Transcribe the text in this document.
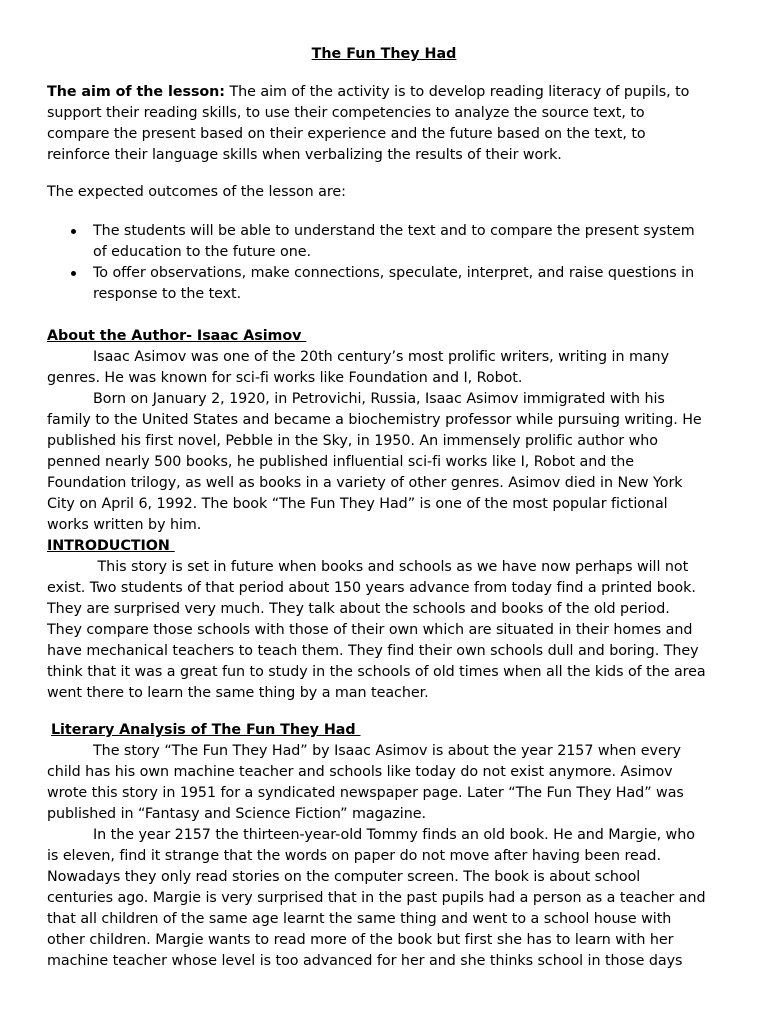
The Fun They Had
The aim of the lesson: The aim of the activity is to develop reading literacy of pupils, to
support their reading skills, to use their competencies to analyze the source text, to
compare the present based on their experience and the future based on the text, to
reinforce their language skills when verbalizing the results of their work.
The expected outcomes of the lesson are:
The students will be able to understand the text and to compare the present system
of education to the future one.
To offer observations, make connections, speculate, interpret, and raise questions in
response to the text.
About the Author- Isaac Asimov
Isaac Asimov was one of the 20th century’s most prolific writers, writing in many
genres. He was known for sci-fi works like Foundation and I, Robot.
Born on January 2, 1920, in Petrovichi, Russia, Isaac Asimov immigrated with his
family to the United States and became a biochemistry professor while pursuing writing. He
published his first novel, Pebble in the Sky, in 1950. An immensely prolific author who
penned nearly 500 books, he published influential sci-fi works like I, Robot and the
Foundation trilogy, as well as books in a variety of other genres. Asimov died in New York
City on April 6, 1992. The book “The Fun They Had” is one of the most popular fictional
works written by him.
INTRODUCTION
This story is set in future when books and schools as we have now perhaps will not
exist. Two students of that period about 150 years advance from today find a printed book.
They are surprised very much. They talk about the schools and books of the old period.
They compare those schools with those of their own which are situated in their homes and
have mechanical teachers to teach them. They find their own schools dull and boring. They
think that it was a great fun to study in the schools of old times when all the kids of the area
went there to learn the same thing by a man teacher.
Literary Analysis of The Fun They Had
The story “The Fun They Had” by Isaac Asimov is about the year 2157 when every
child has his own machine teacher and schools like today do not exist anymore. Asimov
wrote this story in 1951 for a syndicated newspaper page. Later “The Fun They Had” was
published in “Fantasy and Science Fiction” magazine.
In the year 2157 the thirteen-year-old Tommy finds an old book. He and Margie, who
is eleven, find it strange that the words on paper do not move after having been read.
Nowadays they only read stories on the computer screen. The book is about school
centuries ago. Margie is very surprised that in the past pupils had a person as a teacher and
that all children of the same age learnt the same thing and went to a school house with
other children. Margie wants to read more of the book but first she has to learn with her
machine teacher whose level is too advanced for her and she thinks school in those days
